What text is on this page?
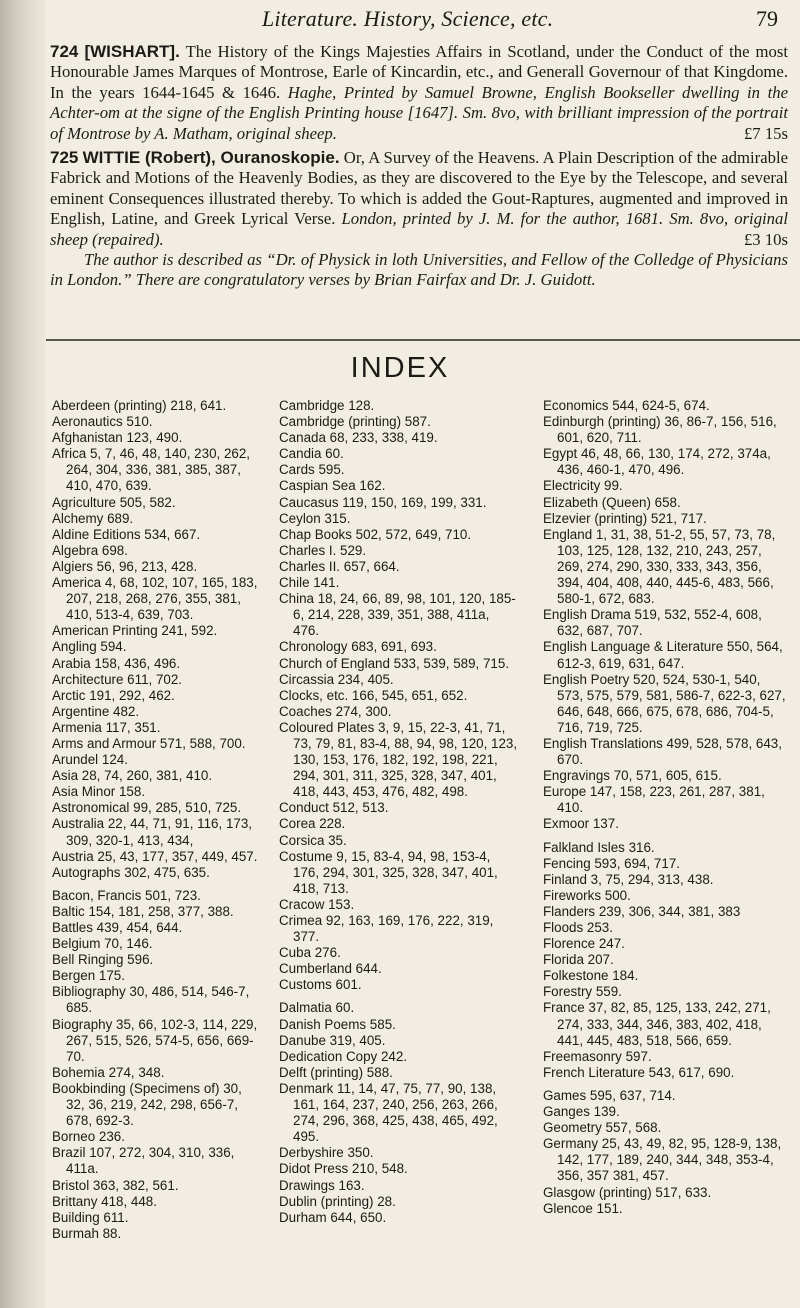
Literature. History, Science, etc.	79

724 [WISHART]. The History of the Kings Majesties Affairs in Scotland, under the Conduct of the most Honourable James Marques of Montrose, Earle of Kincardin, etc., and Generall Governour of that Kingdome. In the years 1644-1645 & 1646. Haghe, Printed by Samuel Browne, English Bookseller dwelling in the Achter-om at the signe of the English Printing house [1647]. Sm. 8vo, with brilliant impression of the portrait of Montrose by A. Matham, original sheep.	£7 15s

725 WITTIE (Robert), Ouranoskopie. Or, A Survey of the Heavens. A Plain Description of the admirable Fabrick and Motions of the Heavenly Bodies, as they are discovered to the Eye by the Telescope, and several eminent Consequences illustrated thereby. To which is added the Gout-Raptures, augmented and improved in English, Latine, and Greek Lyrical Verse. London, printed by J. M. for the author, 1681. Sm. 8vo, original sheep (repaired).	£3 10s
The author is described as “Dr. of Physick in loth Universities, and Fellow of the Colledge of Physicians in London.” There are congratulatory verses by Brian Fairfax and Dr. J. Guidott.

INDEX

Aberdeen (printing) 218, 641.

Aeronautics 510.

Afghanistan 123, 490.

Africa 5, 7, 46, 48, 140, 230, 262, 264, 304, 336, 381, 385, 387, 410, 470, 639.

Agriculture 505, 582.

Alchemy 689.

Aldine Editions 534, 667.

Algebra 698.

Algiers 56, 96, 213, 428.

America 4, 68, 102, 107, 165, 183, 207, 218, 268, 276, 355, 381, 410, 513-4, 639, 703.

American Printing 241, 592.

Angling 594.

Arabia 158, 436, 496.

Architecture 611, 702.

Arctic 191, 292, 462.

Argentine 482.

Armenia 117, 351.

Arms and Armour 571, 588, 700.

Arundel 124.

Asia 28, 74, 260, 381, 410.

Asia Minor 158.

Astronomical 99, 285, 510, 725.

Australia 22, 44, 71, 91, 116, 173, 309, 320-1, 413, 434,

Austria 25, 43, 177, 357, 449, 457.

Autographs 302, 475, 635.

Bacon, Francis 501, 723.

Baltic 154, 181, 258, 377, 388.

Battles 439, 454, 644.

Belgium 70, 146.

Bell Ringing 596.

Bergen 175.

Bibliography 30, 486, 514, 546-7, 685.

Biography 35, 66, 102-3, 114, 229, 267, 515, 526, 574-5, 656, 669-70.

Bohemia 274, 348.

Bookbinding (Specimens of) 30, 32, 36, 219, 242, 298, 656-7, 678, 692-3.

Borneo 236.

Brazil 107, 272, 304, 310, 336, 411a.

Bristol 363, 382, 561.

Brittany 418, 448.

Building 611.

Burmah 88.

Cambridge 128.

Cambridge (printing) 587.

Canada 68, 233, 338, 419.

Candia 60.

Cards 595.

Caspian Sea 162.

Caucasus 119, 150, 169, 199, 331.

Ceylon 315.

Chap Books 502, 572, 649, 710.

Charles I. 529.

Charles II. 657, 664.

Chile 141.

China 18, 24, 66, 89, 98, 101, 120, 185-6, 214, 228, 339, 351, 388, 411a, 476.

Chronology 683, 691, 693.

Church of England 533, 539, 589, 715.

Circassia 234, 405.

Clocks, etc. 166, 545, 651, 652.

Coaches 274, 300.

Coloured Plates 3, 9, 15, 22-3, 41, 71, 73, 79, 81, 83-4, 88, 94, 98, 120, 123, 130, 153, 176, 182, 192, 198, 221, 294, 301, 311, 325, 328, 347, 401, 418, 443, 453, 476, 482, 498.

Conduct 512, 513.

Corea 228.

Corsica 35.

Costume 9, 15, 83-4, 94, 98, 153-4, 176, 294, 301, 325, 328, 347, 401, 418, 713.

Cracow 153.

Crimea 92, 163, 169, 176, 222, 319, 377.

Cuba 276.

Cumberland 644.

Customs 601.

Dalmatia 60.

Danish Poems 585.

Danube 319, 405.

Dedication Copy 242.

Delft (printing) 588.

Denmark 11, 14, 47, 75, 77, 90, 138, 161, 164, 237, 240, 256, 263, 266, 274, 296, 368, 425, 438, 465, 492, 495.

Derbyshire 350.

Didot Press 210, 548.

Drawings 163.

Dublin (printing) 28.

Durham 644, 650.

Economics 544, 624-5, 674.

Edinburgh (printing) 36, 86-7, 156, 516, 601, 620, 711.

Egypt 46, 48, 66, 130, 174, 272, 374a, 436, 460-1, 470, 496.

Electricity 99.

Elizabeth (Queen) 658.

Elzevier (printing) 521, 717.

England 1, 31, 38, 51-2, 55, 57, 73, 78, 103, 125, 128, 132, 210, 243, 257, 269, 274, 290, 330, 333, 343, 356, 394, 404, 408, 440, 445-6, 483, 566, 580-1, 672, 683.

English Drama 519, 532, 552-4, 608, 632, 687, 707.

English Language & Literature 550, 564, 612-3, 619, 631, 647.

English Poetry 520, 524, 530-1, 540, 573, 575, 579, 581, 586-7, 622-3, 627, 646, 648, 666, 675, 678, 686, 704-5, 716, 719, 725.

English Translations 499, 528, 578, 643, 670.

Engravings 70, 571, 605, 615.

Europe 147, 158, 223, 261, 287, 381, 410.

Exmoor 137.

Falkland Isles 316.

Fencing 593, 694, 717.

Finland 3, 75, 294, 313, 438.

Fireworks 500.

Flanders 239, 306, 344, 381, 383

Floods 253.

Florence 247.

Florida 207.

Folkestone 184.

Forestry 559.

France 37, 82, 85, 125, 133, 242, 271, 274, 333, 344, 346, 383, 402, 418, 441, 445, 483, 518, 566, 659.

Freemasonry 597.

French Literature 543, 617, 690.

Games 595, 637, 714.

Ganges 139.

Geometry 557, 568.

Germany 25, 43, 49, 82, 95, 128-9, 138, 142, 177, 189, 240, 344, 348, 353-4, 356, 357 381, 457.

Glasgow (printing) 517, 633.

Glencoe 151.
